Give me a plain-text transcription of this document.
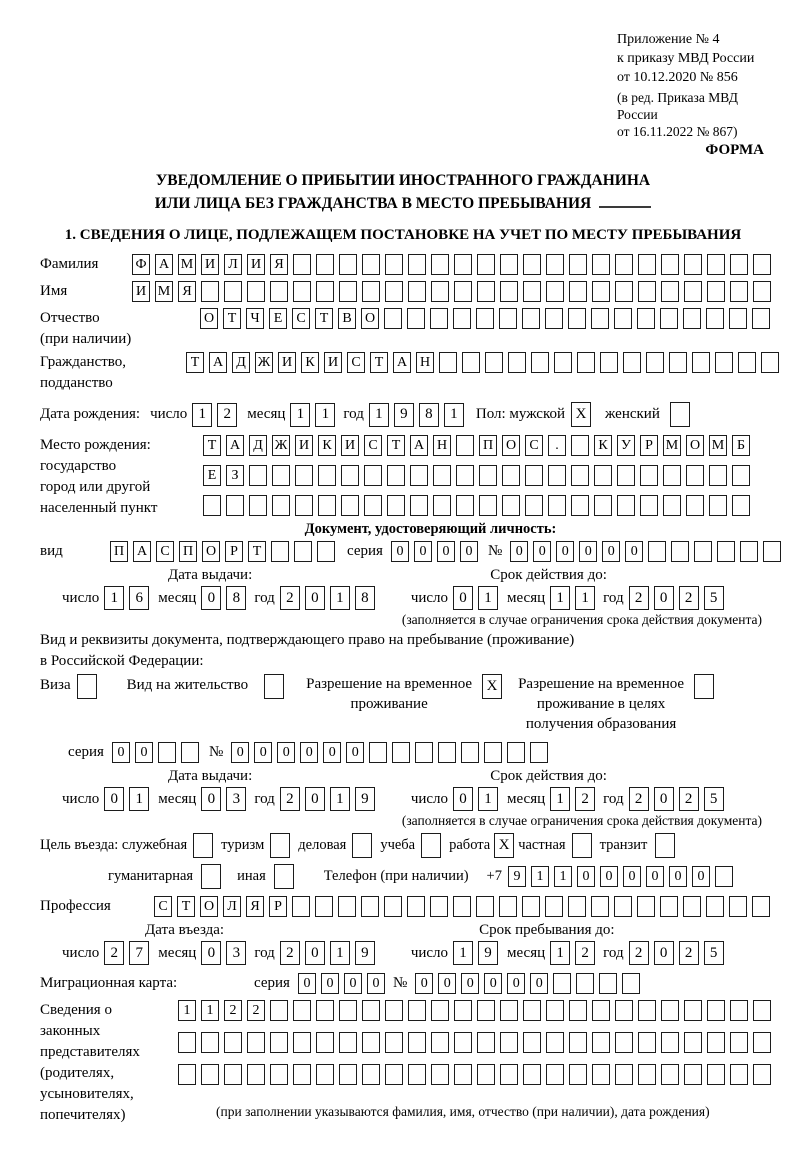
Приложение № 4
к приказу МВД России
от 10.12.2020 № 856
(в ред. Приказа МВД России
от 16.11.2022 № 867)
ФОРМА
УВЕДОМЛЕНИЕ О ПРИБЫТИИ ИНОСТРАННОГО ГРАЖДАНИНА
ИЛИ ЛИЦА БЕЗ ГРАЖДАНСТВА В МЕСТО ПРЕБЫВАНИЯ
1. СВЕДЕНИЯ О ЛИЦЕ, ПОДЛЕЖАЩЕМ ПОСТАНОВКЕ НА УЧЕТ ПО МЕСТУ ПРЕБЫВАНИЯ
Фамилия	Ф А М И Л И Я
Имя	И М Я
Отчество
(при наличии)
О Т	Ч	Е	С	Т	В О
Гражданство,
подданство
Т А Д Ж И К И С	Т А Н
Дата рождения: число 1	2	месяц 1	1 год 1	9	8	1	Пол: мужской X	женский
Место рождения:
государство
город или другой
населенный пункт
Т А Д Ж И К И С	Т А Н	П О С	.	К У	Р М О М Б
Е	З
Документ, удостоверяющий личность:
вид	П А С П О	Р	Т	серия 0	0	0	0	№ 0	0	0	0	0	0
Дата выдачи:	Срок действия до:
число 1	6	месяц 0	8 год 2	0	1	8	число 0	1	месяц 1	1 год 2	0	2	5
(заполняется в случае ограничения срока действия документа)
Вид и реквизиты документа, подтверждающего право на пребывание (проживание)
в Российской Федерации:
Виза	Вид на жительство	Разрешение на временное
проживание
X	Разрешение на временное
проживание в целях
получения образования
серия 0	0	№ 0	0	0	0	0	0
Дата выдачи:	Срок действия до:
число 0	1	месяц 0	3 год 2	0	1	9	число 0	1	месяц 1	2 год 2	0	2	5
(заполняется в случае ограничения срока действия документа)
Цель въезда: служебная туризм деловая учеба работа X частная транзит
гуманитарная	иная	Телефон (при наличии) +7 9	1	1	0	0	0	0	0	0
Профессия	С	Т О Л Я	Р
Дата въезда:	Срок пребывания до:
число 2	7	месяц 0	3 год 2	0	1	9	число 1	9	месяц 1	2 год 2	0	2	5
Миграционная карта:	серия 0	0	0	0 № 0	0	0	0	0	0
Сведения о
законных
представителях
(родителях,
усыновителях,
попечителях)
1	1	2	2
(при заполнении указываются фамилия, имя, отчество (при наличии), дата рождения)
